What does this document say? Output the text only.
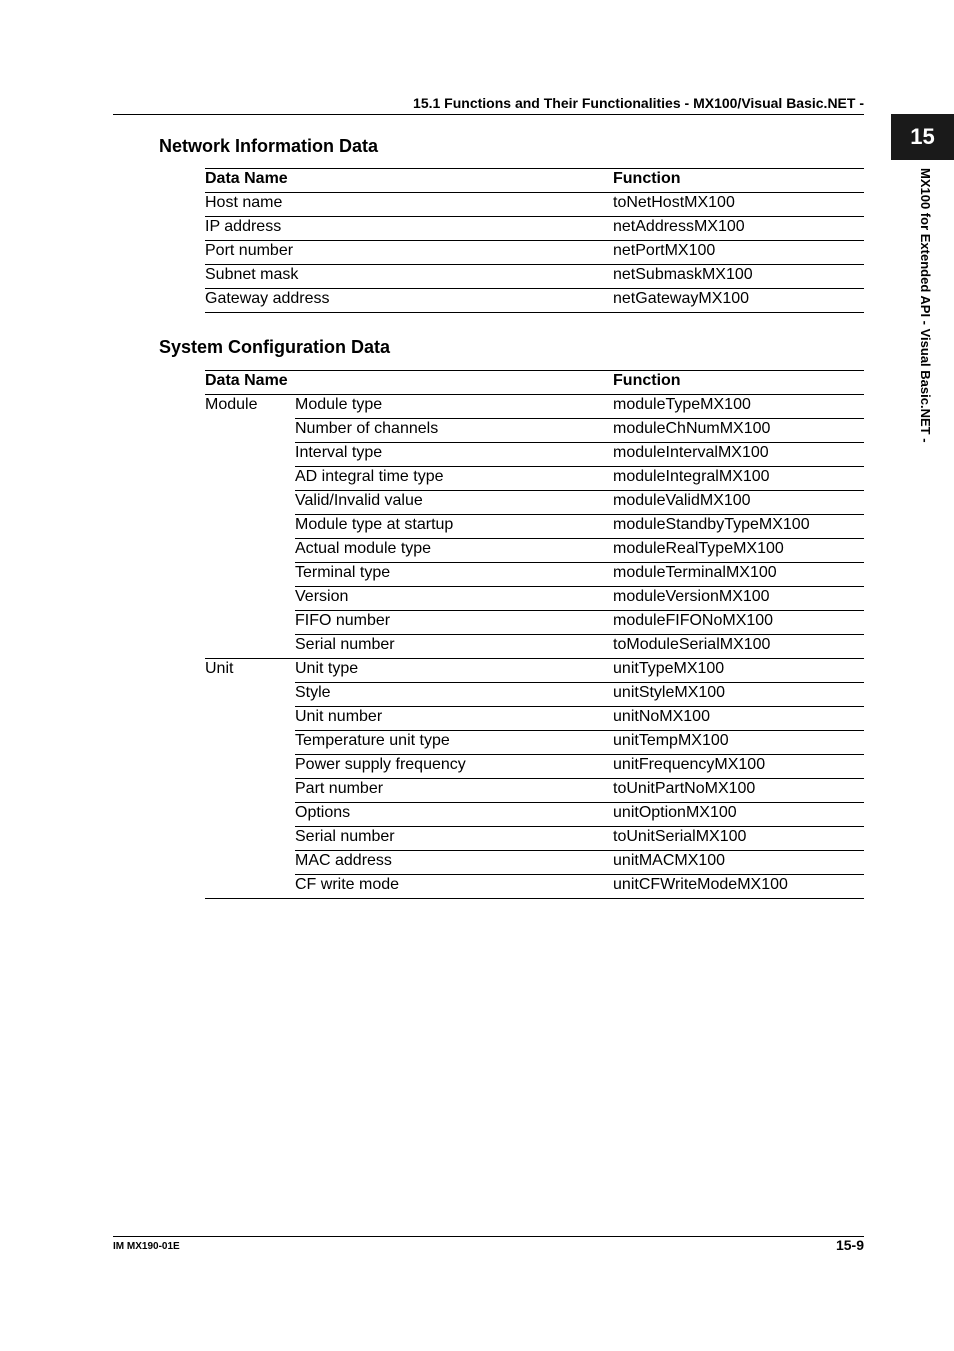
15.1 Functions and Their Functionalities - MX100/Visual Basic.NET -
15
MX100 for Extended API - Visual Basic.NET -
Network Information Data
Data Name	Function
Host name	toNetHostMX100
IP address	netAddressMX100
Port number	netPortMX100
Subnet mask	netSubmaskMX100
Gateway address	netGatewayMX100
System Configuration Data
Data Name		Function
Module	Module type	moduleTypeMX100
	Number of channels	moduleChNumMX100
	Interval type	moduleIntervalMX100
	AD integral time type	moduleIntegralMX100
	Valid/Invalid value	moduleValidMX100
	Module type at startup	moduleStandbyTypeMX100
	Actual module type	moduleRealTypeMX100
	Terminal type	moduleTerminalMX100
	Version	moduleVersionMX100
	FIFO number	moduleFIFONoMX100
	Serial number	toModuleSerialMX100
Unit	Unit type	unitTypeMX100
	Style	unitStyleMX100
	Unit number	unitNoMX100
	Temperature unit type	unitTempMX100
	Power supply frequency	unitFrequencyMX100
	Part number	toUnitPartNoMX100
	Options	unitOptionMX100
	Serial number	toUnitSerialMX100
	MAC address	unitMACMX100
	CF write mode	unitCFWriteModeMX100
IM MX190-01E	15-9
